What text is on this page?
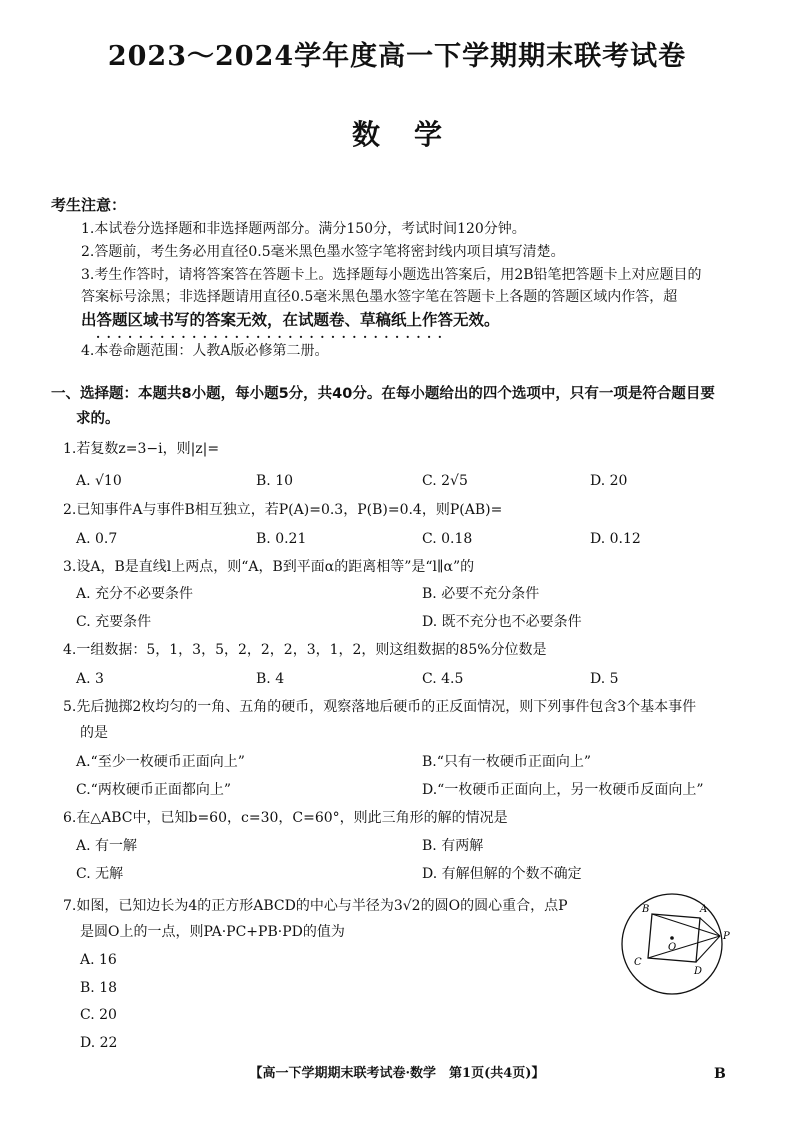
2023～2024学年度高一下学期期末联考试卷
数学
考生注意：
1.本试卷分选择题和非选择题两部分。满分150分，考试时间120分钟。
2.答题前，考生务必用直径0.5毫米黑色墨水签字笔将密封线内项目填写清楚。
3.考生作答时，请将答案答在答题卡上。选择题每小题选出答案后，用2B铅笔把答题卡上对应题目的
答案标号涂黑；非选择题请用直径0.5毫米黑色墨水签字笔在答题卡上各题的答题区域内作答，超
出答题区域书写的答案无效，在试题卷、草稿纸上作答无效。
·································
4.本卷命题范围：人教A版必修第二册。
一、选择题：本题共8小题，每小题5分，共40分。在每小题给出的四个选项中，只有一项是符合题目要
求的。
1.若复数z=3−i，则|z|=
A. √10	B. 10	C. 2√5	D. 20
2.已知事件A与事件B相互独立，若P(A)=0.3，P(B)=0.4，则P(AB)=
A. 0.7	B. 0.21	C. 0.18	D. 0.12
3.设A，B是直线l上两点，则“A，B到平面α的距离相等”是“l∥α”的
A. 充分不必要条件	B. 必要不充分条件
C. 充要条件	D. 既不充分也不必要条件
4.一组数据：5，1，3，5，2，2，2，3，1，2，则这组数据的85%分位数是
A. 3	B. 4	C. 4.5	D. 5
5.先后抛掷2枚均匀的一角、五角的硬币，观察落地后硬币的正反面情况，则下列事件包含3个基本事件
的是
A.“至少一枚硬币正面向上”	B.“只有一枚硬币正面向上”
C.“两枚硬币正面都向上”	D.“一枚硬币正面向上，另一枚硬币反面向上”
6.在△ABC中，已知b=60，c=30，C=60°，则此三角形的解的情况是
A. 有一解	B. 有两解
C. 无解	D. 有解但解的个数不确定
7.如图，已知边长为4的正方形ABCD的中心与半径为3√2的圆O的圆心重合，点P
是圆O上的一点，则PA·PC+PB·PD的值为
A. 16
B. 18
C. 20
D. 22
B	A
C
D
O
P
【高一下学期期末联考试卷·数学　第1页(共4页)】	B
